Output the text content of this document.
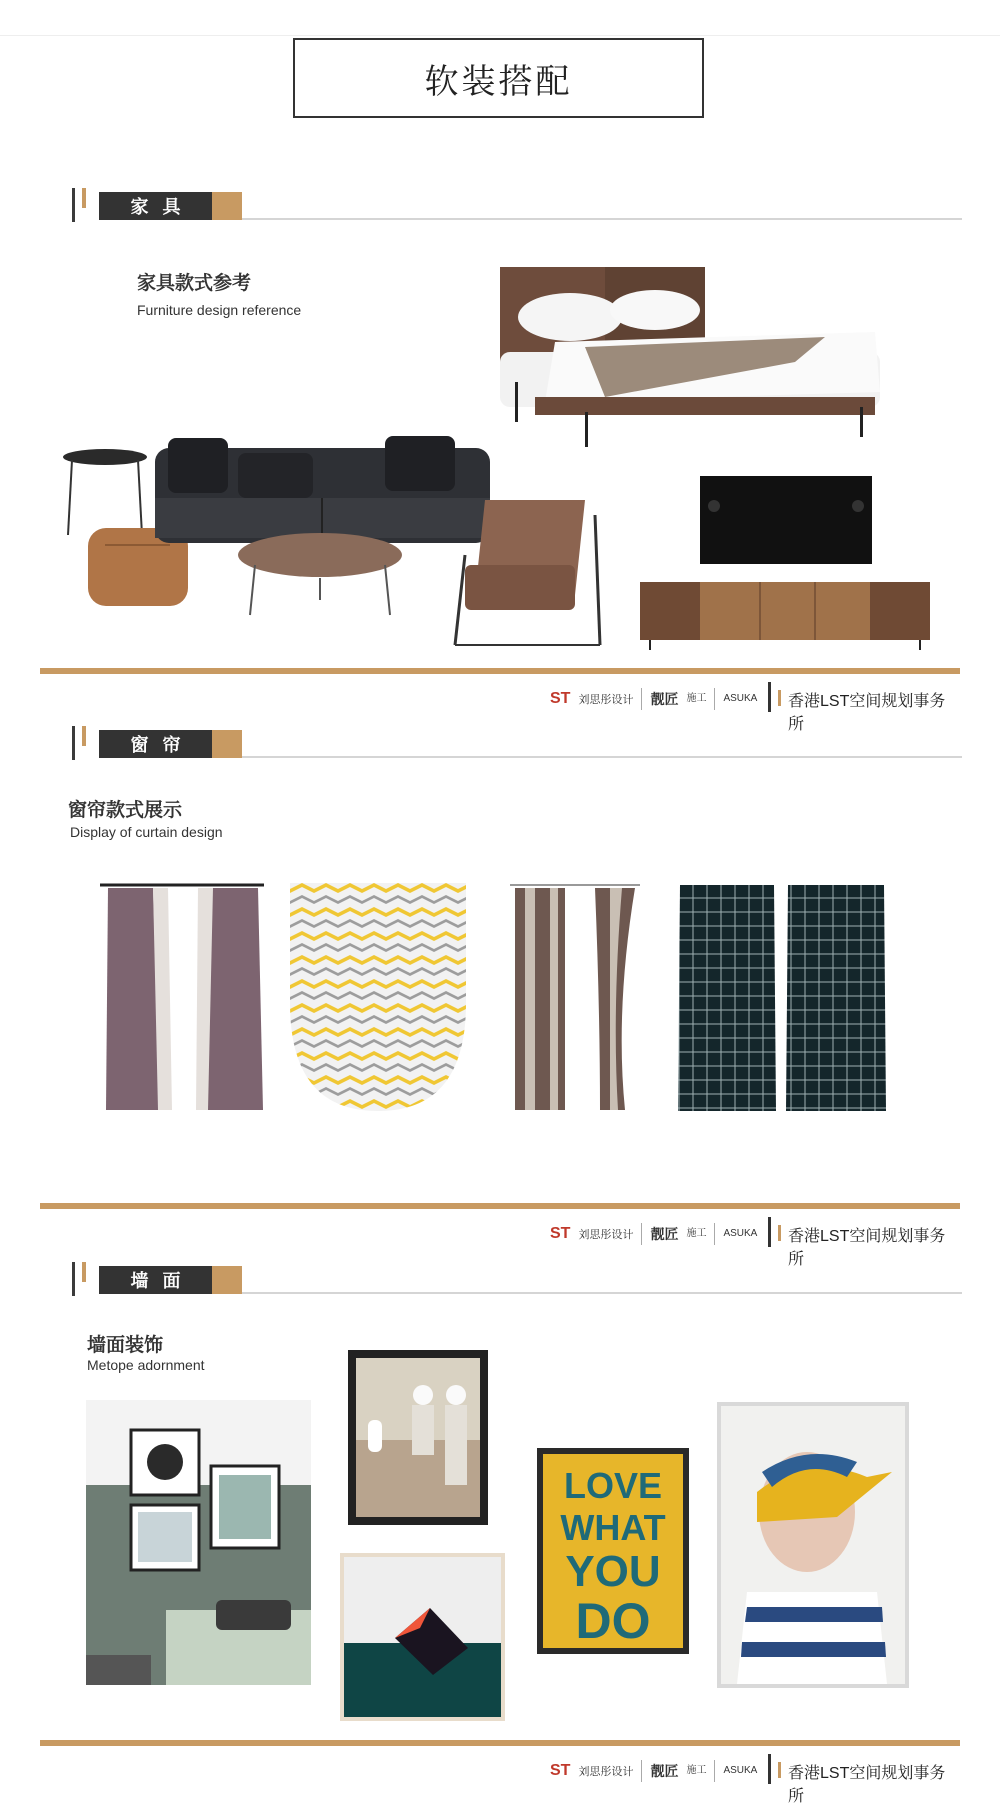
软装搭配
家具
家具款式参考
Furniture design reference
ST 刘思彤设计 靓匠 施工 ASUKA 香港LST空间规划事务所
窗帘
窗帘款式展示
Display of curtain design
ST 刘思彤设计 靓匠 施工 ASUKA 香港LST空间规划事务所
墙面
墙面装饰
Metope adornment
LOVE
WHAT
YOU
DO
ST 刘思彤设计 靓匠 施工 ASUKA 香港LST空间规划事务所
